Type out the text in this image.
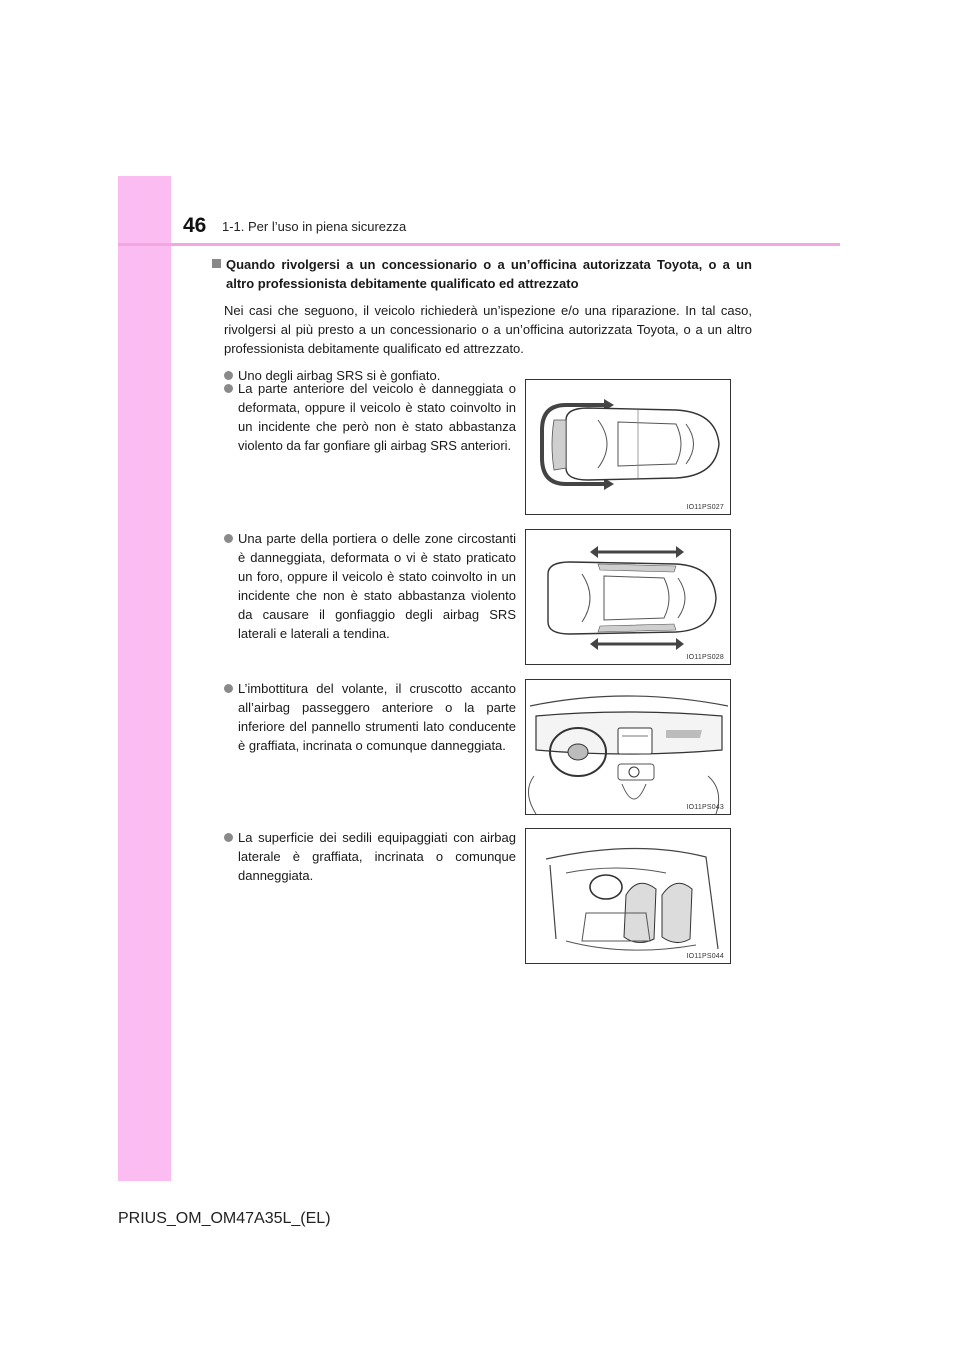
46 1-1. Per l’uso in piena sicurezza

Quando rivolgersi a un concessionario o a un’officina autorizzata Toyota, o a un altro professionista debitamente qualificato ed attrezzato

Nei casi che seguono, il veicolo richiederà un’ispezione e/o una riparazione. In tal caso, rivolgersi al più presto a un concessionario o a un’officina autorizzata Toyota, o a un altro professionista debitamente qualificato ed attrezzato.

Uno degli airbag SRS si è gonfiato.

La parte anteriore del veicolo è danneggiata o deformata, oppure il veicolo è stato coinvolto in un incidente che però non è stato abbastanza violento da far gonfiare gli airbag SRS anteriori.

IO11PS027

Una parte della portiera o delle zone circostanti è danneggiata, deformata o vi è stato praticato un foro, oppure il veicolo è stato coinvolto in un incidente che non è stato abbastanza violento da causare il gonfiaggio degli airbag SRS laterali e laterali a tendina.

IO11PS028

L’imbottitura del volante, il cruscotto accanto all’airbag passeggero anteriore o la parte inferiore del pannello strumenti lato conducente è graffiata, incrinata o comunque danneggiata.

IO11PS043

La superficie dei sedili equipaggiati con airbag laterale è graffiata, incrinata o comunque danneggiata.

IO11PS044
PRIUS_OM_OM47A35L_(EL)
